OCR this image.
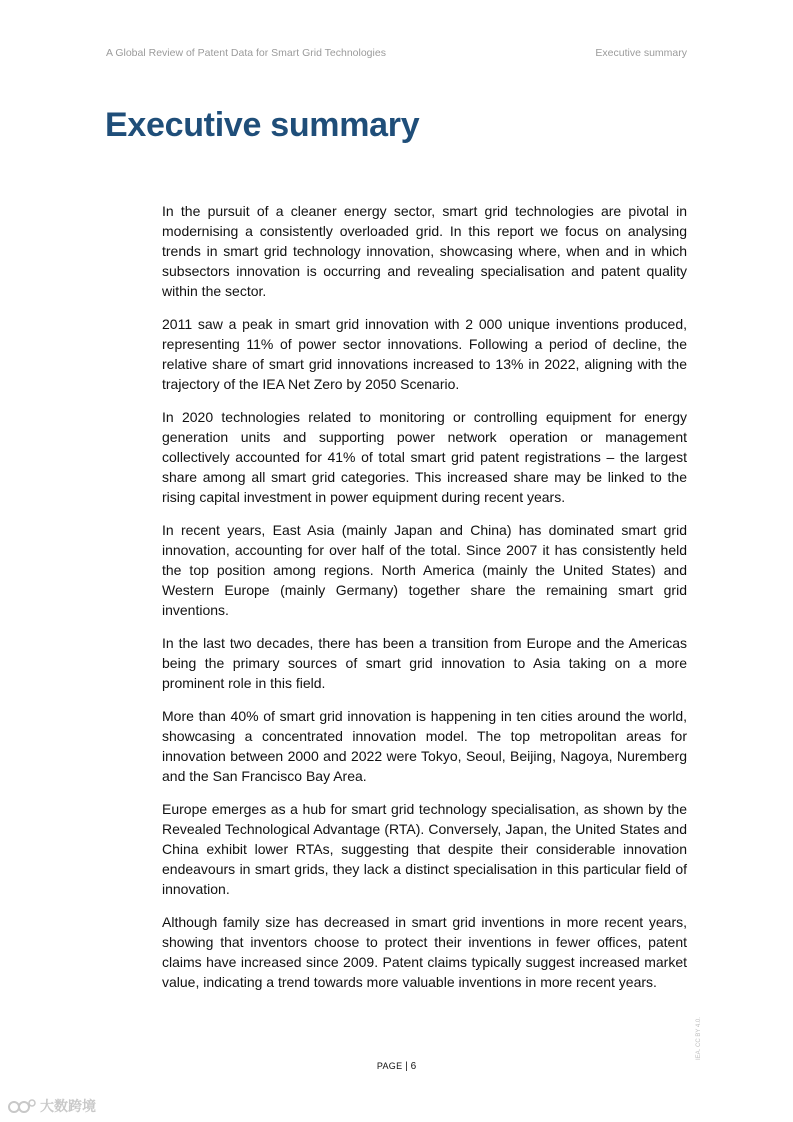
A Global Review of Patent Data for Smart Grid Technologies	Executive summary
Executive summary

In the pursuit of a cleaner energy sector, smart grid technologies are pivotal in modernising a consistently overloaded grid. In this report we focus on analysing trends in smart grid technology innovation, showcasing where, when and in which subsectors innovation is occurring and revealing specialisation and patent quality within the sector.

2011 saw a peak in smart grid innovation with 2 000 unique inventions produced, representing 11% of power sector innovations. Following a period of decline, the relative share of smart grid innovations increased to 13% in 2022, aligning with the trajectory of the IEA Net Zero by 2050 Scenario.

In 2020 technologies related to monitoring or controlling equipment for energy generation units and supporting power network operation or management collectively accounted for 41% of total smart grid patent registrations – the largest share among all smart grid categories. This increased share may be linked to the rising capital investment in power equipment during recent years.

In recent years, East Asia (mainly Japan and China) has dominated smart grid innovation, accounting for over half of the total. Since 2007 it has consistently held the top position among regions. North America (mainly the United States) and Western Europe (mainly Germany) together share the remaining smart grid inventions.

In the last two decades, there has been a transition from Europe and the Americas being the primary sources of smart grid innovation to Asia taking on a more prominent role in this field.

More than 40% of smart grid innovation is happening in ten cities around the world, showcasing a concentrated innovation model. The top metropolitan areas for innovation between 2000 and 2022 were Tokyo, Seoul, Beijing, Nagoya, Nuremberg and the San Francisco Bay Area.

Europe emerges as a hub for smart grid technology specialisation, as shown by the Revealed Technological Advantage (RTA). Conversely, Japan, the United States and China exhibit lower RTAs, suggesting that despite their considerable innovation endeavours in smart grids, they lack a distinct specialisation in this particular field of innovation.

Although family size has decreased in smart grid inventions in more recent years, showing that inventors choose to protect their inventions in fewer offices, patent claims have increased since 2009. Patent claims typically suggest increased market value, indicating a trend towards more valuable inventions in more recent years.

PAGE | 6
IEA. CC BY 4.0.
大数跨境
